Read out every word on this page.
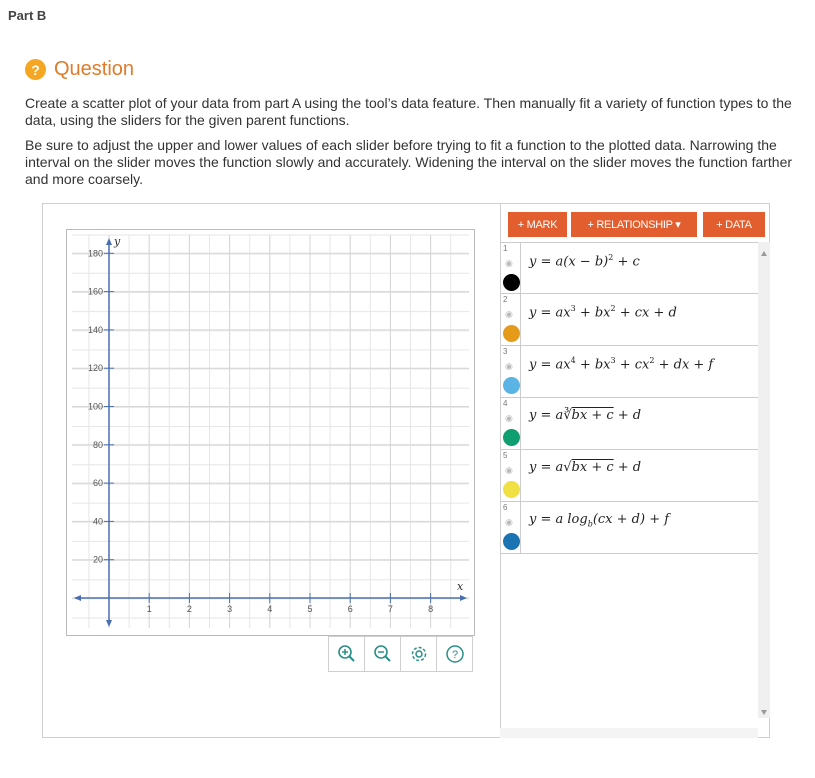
Part B
? Question
Create a scatter plot of your data from part A using the tool’s data feature. Then manually fit a variety of function types to the data, using the sliders for the given parent functions.
Be sure to adjust the upper and lower values of each slider before trying to fit a function to the plotted data. Narrowing the interval on the slider moves the function slowly and accurately. Widening the interval on the slider moves the function farther and more coarsely.
1	2	3	4	5	6	7	8
20
40
60
80
100
120
140
160
180
x
y
?
+ MARK	+ RELATIONSHIP ▾	+ DATA
1
◉ $y = a(x - b)^2 + c$
2
◉ $y = ax^3 + bx^2$ + cx + d
3
◉ $y = ax^4 + bx^3 + cx^2$ + dx + f
4
◉ y = a∛bx + c + d
5
◉ y = a√bx + c + d
6
◉ y = a $\log_b(cx + d) + f$
